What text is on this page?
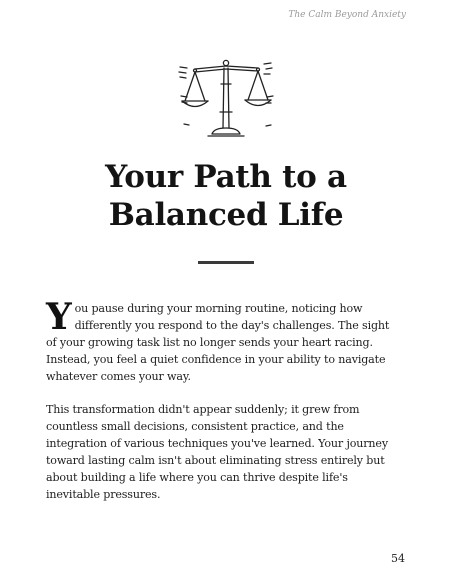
The Calm Beyond Anxiety
Your Path to a
Balanced Life

You pause during your morning routine, noticing how differently you respond to the day's challenges. The sight of your growing task list no longer sends your heart racing. Instead, you feel a quiet confidence in your ability to navigate whatever comes your way.

This transformation didn't appear suddenly; it grew from countless small decisions, consistent practice, and the integration of various techniques you've learned. Your journey toward lasting calm isn't about eliminating stress entirely but about building a life where you can thrive despite life's inevitable pressures.

54
